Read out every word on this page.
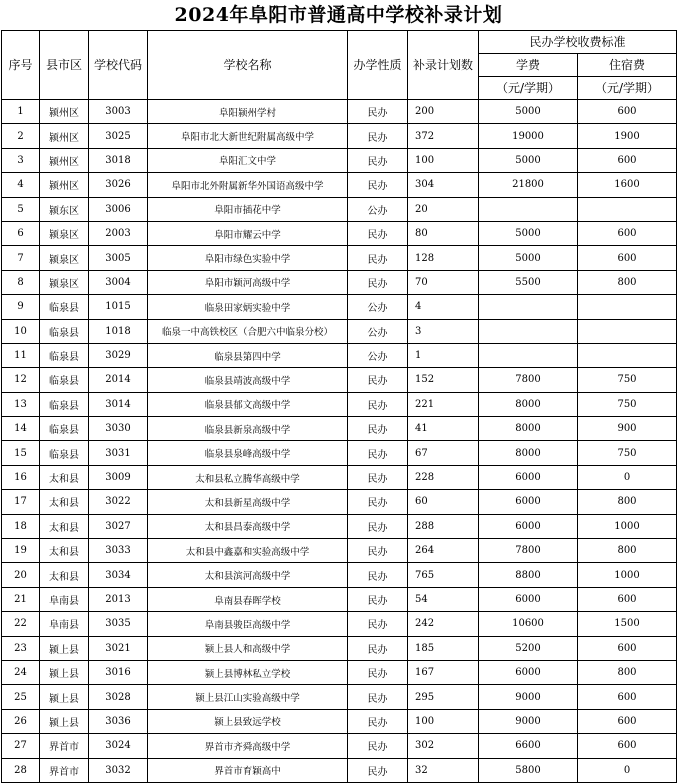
2024年阜阳市普通高中学校补录计划
序号	县市区	学校代码	学校名称	办学性质	补录计划数	民办学校收费标准	
						学费	住宿费
						（元/学期）	（元/学期）
1	颍州区	3003	阜阳颍州学村	民办	200	5000	600
2	颍州区	3025	阜阳市北大新世纪附属高级中学	民办	372	19000	1900
3	颍州区	3018	阜阳汇文中学	民办	100	5000	600
4	颍州区	3026	阜阳市北外附属新华外国语高级中学	民办	304	21800	1600
5	颍东区	3006	阜阳市插花中学	公办	20		
6	颍泉区	2003	阜阳市耀云中学	民办	80	5000	600
7	颍泉区	3005	阜阳市绿色实验中学	民办	128	5000	600
8	颍泉区	3004	阜阳市颖河高级中学	民办	70	5500	800
9	临泉县	1015	临泉田家炳实验中学	公办	4		
10	临泉县	1018	临泉一中高铁校区（合肥六中临泉分校）	公办	3		
11	临泉县	3029	临泉县第四中学	公办	1		
12	临泉县	2014	临泉县靖波高级中学	民办	152	7800	750
13	临泉县	3014	临泉县郁文高级中学	民办	221	8000	750
14	临泉县	3030	临泉县新泉高级中学	民办	41	8000	900
15	临泉县	3031	临泉县泉峰高级中学	民办	67	8000	750
16	太和县	3009	太和县私立腾华高级中学	民办	228	6000	0
17	太和县	3022	太和县新星高级中学	民办	60	6000	800
18	太和县	3027	太和县昌泰高级中学	民办	288	6000	1000
19	太和县	3033	太和县中鑫嘉和实验高级中学	民办	264	7800	800
20	太和县	3034	太和县滨河高级中学	民办	765	8800	1000
21	阜南县	2013	阜南县春晖学校	民办	54	6000	600
22	阜南县	3035	阜南县骏臣高级中学	民办	242	10600	1500
23	颍上县	3021	颍上县人和高级中学	民办	185	5200	600
24	颍上县	3016	颍上县博林私立学校	民办	167	6000	800
25	颍上县	3028	颍上县江山实验高级中学	民办	295	9000	600
26	颍上县	3036	颍上县致远学校	民办	100	9000	600
27	界首市	3024	界首市齐舜高级中学	民办	302	6600	600
28	界首市	3032	界首市育颖高中	民办	32	5800	0
